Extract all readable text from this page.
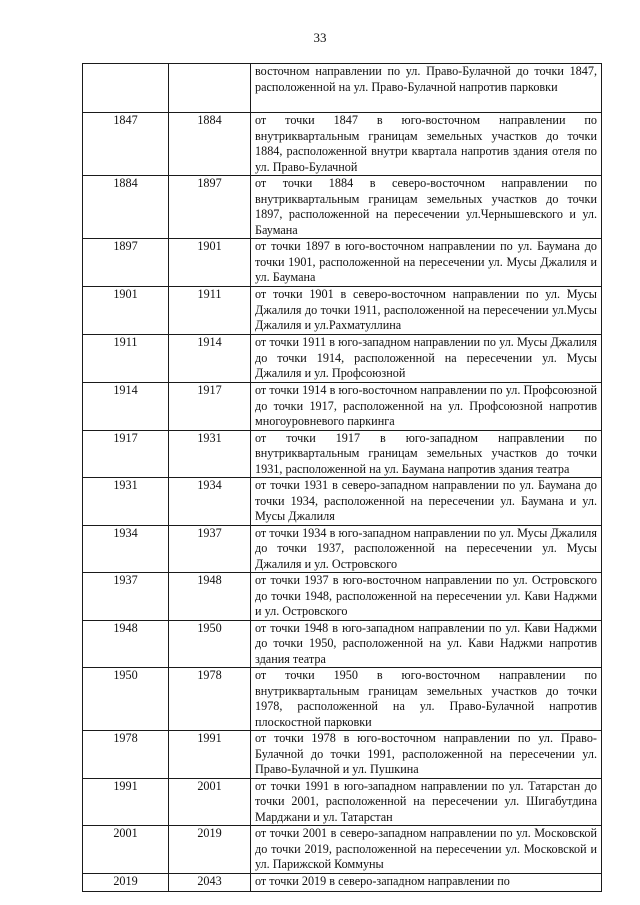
33
		восточном направлении по ул. Право-Булачной до точки 1847, расположенной на ул. Право-Булачной напротив парковки
1847	1884	от точки 1847 в юго-восточном направлении по внутриквартальным границам земельных участков до точки 1884, расположенной внутри квартала напротив здания отеля по ул. Право-Булачной
1884	1897	от точки 1884 в северо-восточном направлении по внутриквартальным границам земельных участков до точки 1897, расположенной на пересечении ул.Чернышевского и ул. Баумана
1897	1901	от точки 1897 в юго-восточном направлении по ул. Баумана до точки 1901, расположенной на пересечении ул. Мусы Джалиля и ул. Баумана
1901	1911	от точки 1901 в северо-восточном направлении по ул. Мусы Джалиля до точки 1911, расположенной на пересечении ул.Мусы Джалиля и ул.Рахматуллина
1911	1914	от точки 1911 в юго-западном направлении по ул. Мусы Джалиля до точки 1914, расположенной на пересечении ул. Мусы Джалиля и ул. Профсоюзной
1914	1917	от точки 1914 в юго-восточном направлении по ул. Профсоюзной до точки 1917, расположенной на ул. Профсоюзной напротив многоуровневого паркинга
1917	1931	от точки 1917 в юго-западном направлении по внутриквартальным границам земельных участков до точки 1931, расположенной на ул. Баумана напротив здания театра
1931	1934	от точки 1931 в северо-западном направлении по ул. Баумана до точки 1934, расположенной на пересечении ул. Баумана и ул. Мусы Джалиля
1934	1937	от точки 1934 в юго-западном направлении по ул. Мусы Джалиля до точки 1937, расположенной на пересечении ул. Мусы Джалиля и ул. Островского
1937	1948	от точки 1937 в юго-восточном направлении по ул. Островского до точки 1948, расположенной на пересечении ул. Кави Наджми и ул. Островского
1948	1950	от точки 1948 в юго-западном направлении по ул. Кави Наджми до точки 1950, расположенной на ул. Кави Наджми напротив здания театра
1950	1978	от точки 1950 в юго-восточном направлении по внутриквартальным границам земельных участков до точки 1978, расположенной на ул. Право-Булачной напротив плоскостной парковки
1978	1991	от точки 1978 в юго-восточном направлении по ул. Право-Булачной до точки 1991, расположенной на пересечении ул. Право-Булачной и ул. Пушкина
1991	2001	от точки 1991 в юго-западном направлении по ул. Татарстан до точки 2001, расположенной на пересечении ул. Шигабутдина Марджани и ул. Татарстан
2001	2019	от точки 2001 в северо-западном направлении по ул. Московской до точки 2019, расположенной на пересечении ул. Московской и ул. Парижской Коммуны
2019	2043	от точки 2019 в северо-западном направлении по
